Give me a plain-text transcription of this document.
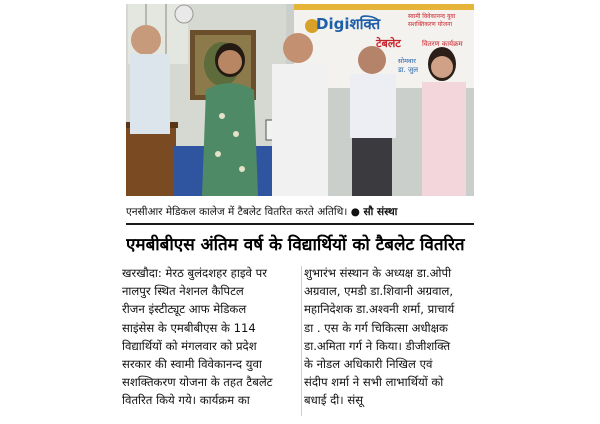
Digiशक्ति	स्वामी विवेकानन्द युवा
सशक्तिकरण योजना
टेबलेट	वितरण कार्यक्रम
सोमवार
डा. जुल
एनसीआर मेडिकल कालेज में टैबलेट वितरित करते अतिथि। ● सौ संस्था
एमबीबीएस अंतिम वर्ष के विद्यार्थियों को टैबलेट वितरित
खरखौदा: मेरठ बुलंदशहर हाइवे पर
नालपुर स्थित नेशनल कैपिटल
रीजन इंस्टीट्यूट आफ मेडिकल
साइंसेस के एमबीबीएस के 114
विद्यार्थियों को मंगलवार को प्रदेश
सरकार की स्वामी विवेकानन्द युवा
सशक्तिकरण योजना के तहत टैबलेट
वितरित किये गये। कार्यक्रम का
शुभारंभ संस्थान के अध्यक्ष डा.ओपी
अग्रवाल, एमडी डा.शिवानी अग्रवाल,
महानिदेशक डा.अश्वनी शर्मा, प्राचार्य
डा . एस के गर्ग चिकित्सा अधीक्षक
डा.अमिता गर्ग ने किया। डीजीशक्ति
के नोडल अधिकारी निखिल एवं
संदीप शर्मा ने सभी लाभार्थियों को
बधाई दी। संसू
